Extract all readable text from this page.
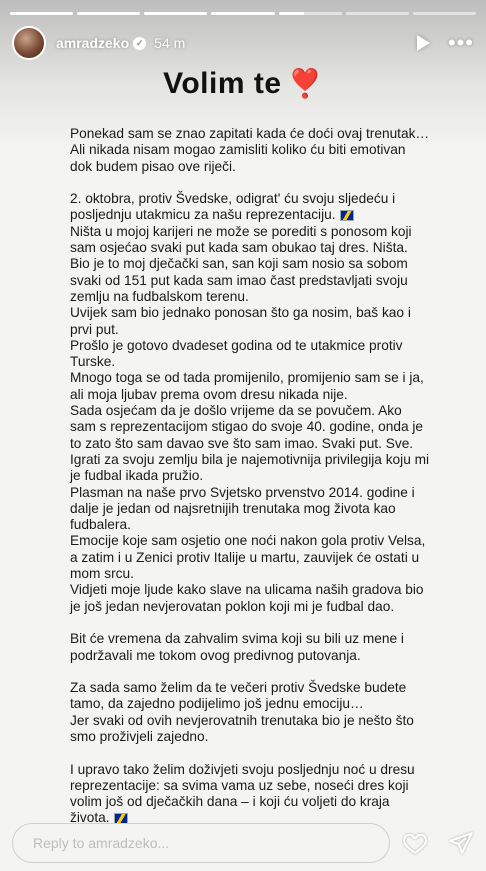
amradzeko ✓ 54 m	•••
Volim te ❣️

Ponekad sam se znao zapitati kada će doći ovaj trenutak… Ali nikada nisam mogao zamisliti koliko ću biti emotivan dok budem pisao ove riječi.

2. oktobra, protiv Švedske, odigrat' ću svoju sljedeću i posljednju utakmicu za našu reprezentaciju.
Ništa u mojoj karijeri ne može se porediti s ponosom koji sam osjećao svaki put kada sam obukao taj dres. Ništa. Bio je to moj dječački san, san koji sam nosio sa sobom svaki od 151 put kada sam imao čast predstavljati svoju zemlju na fudbalskom terenu.
Uvijek sam bio jednako ponosan što ga nosim, baš kao i prvi put.
Prošlo je gotovo dvadeset godina od te utakmice protiv Turske.
Mnogo toga se od tada promijenilo, promijenio sam se i ja, ali moja ljubav prema ovom dresu nikada nije.

Sada osjećam da je došlo vrijeme da se povučem. Ako sam s reprezentacijom stigao do svoje 40. godine, onda je to zato što sam davao sve što sam imao. Svaki put. Sve.
Igrati za svoju zemlju bila je najemotivnija privilegija koju mi je fudbal ikada pružio.
Plasman na naše prvo Svjetsko prvenstvo 2014. godine i dalje je jedan od najsretnijih trenutaka mog života kao fudbalera.
Emocije koje sam osjetio one noći nakon gola protiv Velsa, a zatim i u Zenici protiv Italije u martu, zauvijek će ostati u mom srcu.
Vidjeti moje ljude kako slave na ulicama naših gradova bio je još jedan nevjerovatan poklon koji mi je fudbal dao.

Bit će vremena da zahvalim svima koji su bili uz mene i podržavali me tokom ovog predivnog putovanja.

Za sada samo želim da te večeri protiv Švedske budete tamo, da zajedno podijelimo još jednu emociju…
Jer svaki od ovih nevjerovatnih trenutaka bio je nešto što smo proživjeli zajedno.
I upravo tako želim doživjeti svoju posljednju noć u dresu reprezentacije: sa svima vama uz sebe, noseći dres koji volim još od dječačkih dana – i koji ću voljeti do kraja života.
Reply to amradzeko...
